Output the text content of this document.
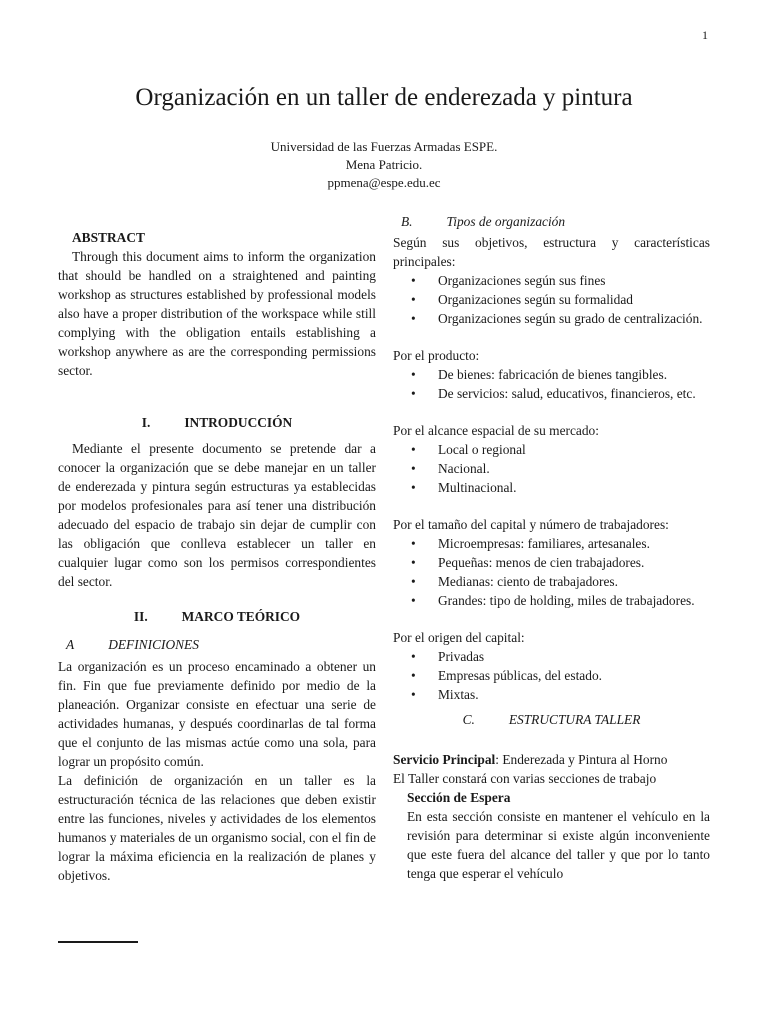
1
Organización en un taller de enderezada y pintura
Universidad de las Fuerzas Armadas ESPE.
Mena Patricio.
ppmena@espe.edu.ec
ABSTRACT

Through this document aims to inform the organization that should be handled on a straightened and painting workshop as structures established by professional models also have a proper distribution of the workspace while still complying with the obligation entails establishing a workshop anywhere as are the corresponding permissions sector.

I.	INTRODUCCIÓN

Mediante el presente documento se pretende dar a conocer la organización que se debe manejar en un taller de enderezada y pintura según estructuras ya establecidas por modelos profesionales para así tener una distribución adecuado del espacio de trabajo sin dejar de cumplir con las obligación que conlleva establecer un taller en cualquier lugar como son los permisos correspondientes del sector.

II.	MARCO TEÓRICO
A	DEFINICIONES

La organización es un proceso encaminado a obtener un fin. Fin que fue previamente definido por medio de la planeación. Organizar consiste en efectuar una serie de actividades humanas, y después coordinarlas de tal forma que el conjunto de las mismas actúe como una sola, para lograr un propósito común.

La definición de organización en un taller es la estructuración técnica de las relaciones que deben existir entre las funciones, niveles y actividades de los elementos humanos y materiales de un organismo social, con el fin de lograr la máxima eficiencia en la realización de planes y objetivos.

B.	Tipos de organización

Según sus objetivos, estructura y características principales:

• Organizaciones según sus fines
• Organizaciones según su formalidad
• Organizaciones según su grado de centralización.
Por el producto:
• De bienes: fabricación de bienes tangibles.
• De servicios: salud, educativos, financieros, etc.
Por el alcance espacial de su mercado:
• Local o regional
• Nacional.
• Multinacional.
Por el tamaño del capital y número de trabajadores:
• Microempresas: familiares, artesanales.
• Pequeñas: menos de cien trabajadores.
• Medianas: ciento de trabajadores.
• Grandes: tipo de holding, miles de trabajadores.
Por el origen del capital:
• Privadas
• Empresas públicas, del estado.
• Mixtas.
C.	ESTRUCTURA TALLER
Servicio Principal: Enderezada y Pintura al Horno
El Taller constará con varias secciones de trabajo
Sección de Espera

En esta sección consiste en mantener el vehículo en la revisión para determinar si existe algún inconveniente que este fuera del alcance del taller y que por lo tanto tenga que esperar el vehículo
